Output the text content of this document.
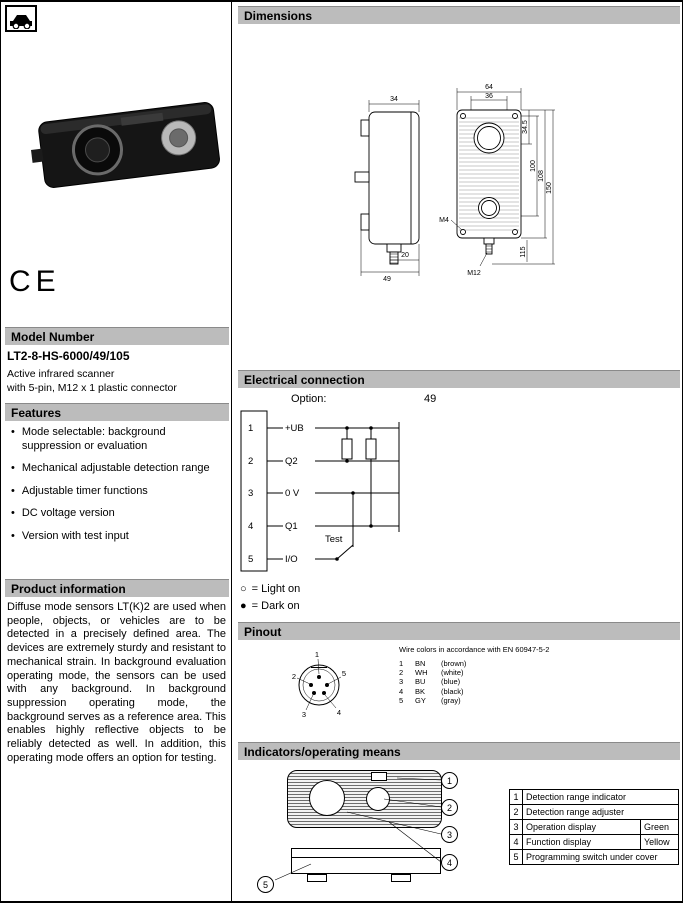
CE
Model Number
LT2-8-HS-6000/49/105
Active infrared scanner
with 5-pin, M12 x 1 plastic connector
Features
• Mode selectable: background suppression or evaluation
• Mechanical adjustable detection range
• Adjustable timer functions
• DC voltage version
• Version with test input
Product information
Diffuse mode sensors LT(K)2 are used when people, objects, or vehicles are to be detected in a precisely defined area. The devices are extremely sturdy and resistant to mechanical strain. In background evaluation operating mode, the sensors can be used with any background. In background suppression operating mode, the background serves as a reference area. This enables highly reflective objects to be reliably detected as well. In addition, this operating mode offers an option for testing.
Dimensions
34
20
49
64
36
34.5
100
108
150
115
M4
M12
Electrical connection
Option:	49
1
2
3
4
5
+UB
Q2
0 V
Q1
I/O
Test
○ = Light on
● = Dark on
Pinout
1
2	5
3	4
Wire colors in accordance with EN 60947-5-2
1	BN	(brown)
2	WH	(white)
3	BU	(blue)
4	BK	(black)
5	GY	(gray)
Indicators/operating means
1
2
3
4
5
1	Detection range indicator	
2	Detection range adjuster	
3	Operation display	Green
4	Function display	Yellow
5	Programming switch under cover	
